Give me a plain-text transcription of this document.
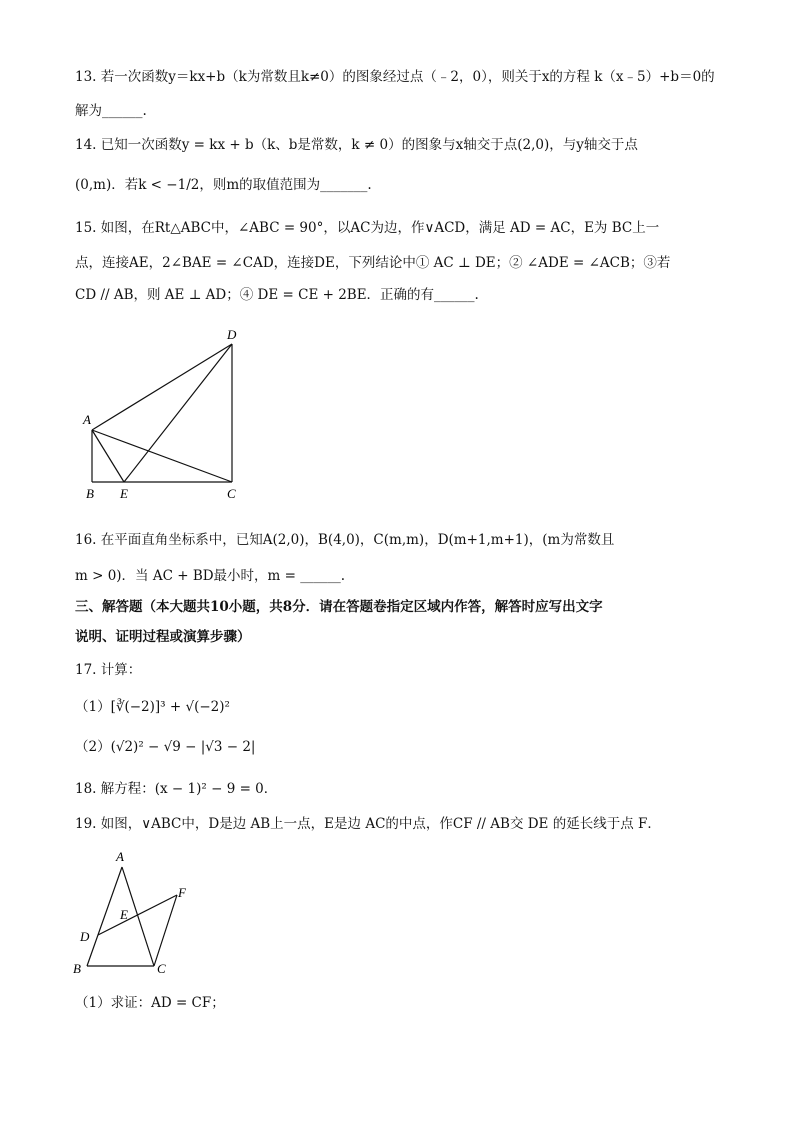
13. 若一次函数y＝kx+b（k为常数且k≠0）的图象经过点（﹣2，0），则关于x的方程 k（x﹣5）+b＝0的
解为______.
14. 已知一次函数y = kx + b（k、b是常数，k ≠ 0）的图象与x轴交于点(2,0)，与y轴交于点
(0,m)．若k < −1/2，则m的取值范围为_______.
15. 如图，在Rt△ABC中，∠ABC = 90°，以AC为边，作∨ACD，满足 AD = AC，E为 BC上一
点，连接AE，2∠BAE = ∠CAD，连接DE，下列结论中① AC ⊥ DE；② ∠ADE = ∠ACB；③若
CD // AB，则 AE ⊥ AD；④ DE = CE + 2BE．正确的有______.
A
B E	C
D
16. 在平面直角坐标系中，已知A(2,0)，B(4,0)，C(m,m)，D(m+1,m+1)，(m为常数且
m > 0)．当 AC + BD最小时，m = ______.
三、解答题（本大题共10小题，共8分．请在答题卷指定区域内作答，解答时应写出文字
说明、证明过程或演算步骤）
17. 计算：
（1）[∛(−2)]³ + √(−2)²
（2）(√2)² − √9 − |√3 − 2|
18. 解方程：(x − 1)² − 9 = 0．
19. 如图，∨ABC中，D是边 AB上一点，E是边 AC的中点，作CF // AB交 DE 的延长线于点 F．
A
B	C
D
E
F
（1）求证：AD = CF；
